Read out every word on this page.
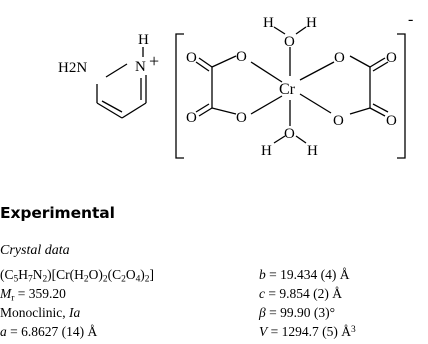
H2N
H
N +
Cr
H H
O
O
H H
O	O
O	O
O	O
O	O
-
Experimental
Crystal data
$(C_5H_7N_2)[Cr(H_2O)_2(C_2O_4)_2]$
$M_r = 359.20$
Monoclinic, Ia
a = 6.8627 (14) Å
b = 19.434 (4) Å
c = 9.854 (2) Å
β = 99.90 (3)°
V = 1294.7 (5) $Å^3$
